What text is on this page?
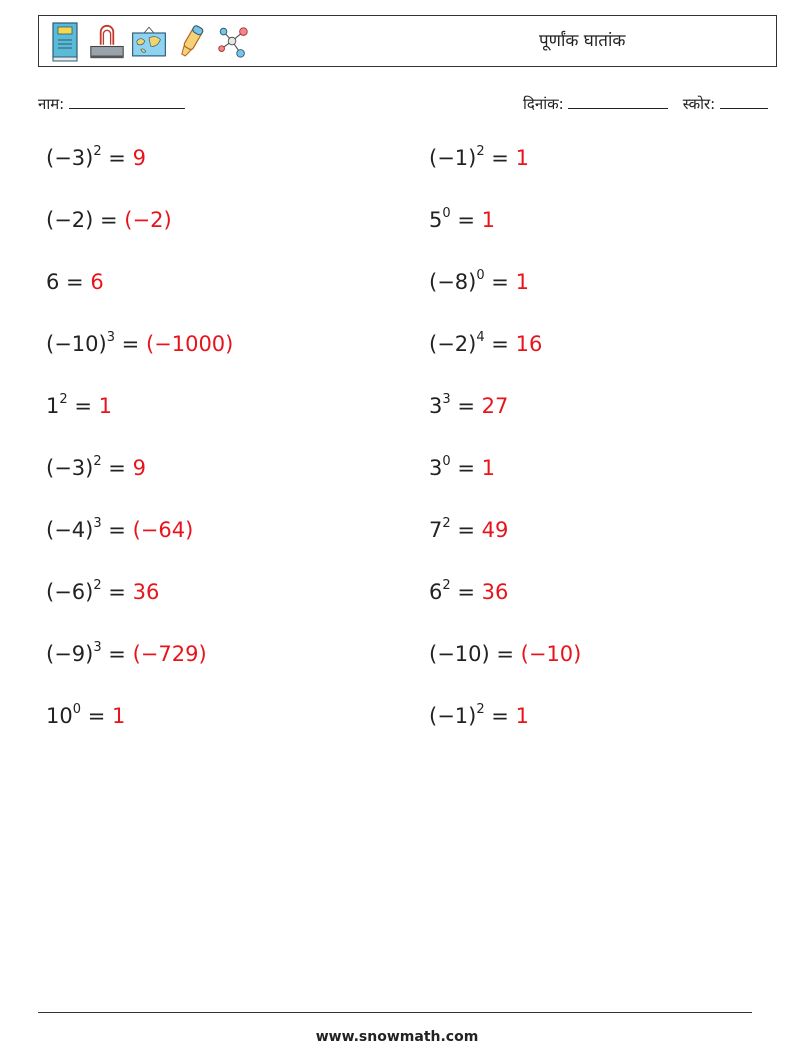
पूर्णांक घातांक
नाम:	दिनांक:	स्कोर:
$(-3)^2 = 9$	$(-1)^2 = 1$
(−2) = (−2)	$5^0 = 1$
6 = 6	$(-8)^0 = 1$
$(-10)^3 = (-1000)$	$(-2)^4 = 16$
$1^2 = 1$	$3^3 = 27$
$(-3)^2 = 9$	$3^0 = 1$
$(-4)^3 = (-64)$	$7^2 = 49$
$(-6)^2 = 36$	$6^2 = 36$
$(-9)^3 = (-729)$	(−10) = (−10)
$10^0 = 1$	$(-1)^2 = 1$
www.snowmath.com
